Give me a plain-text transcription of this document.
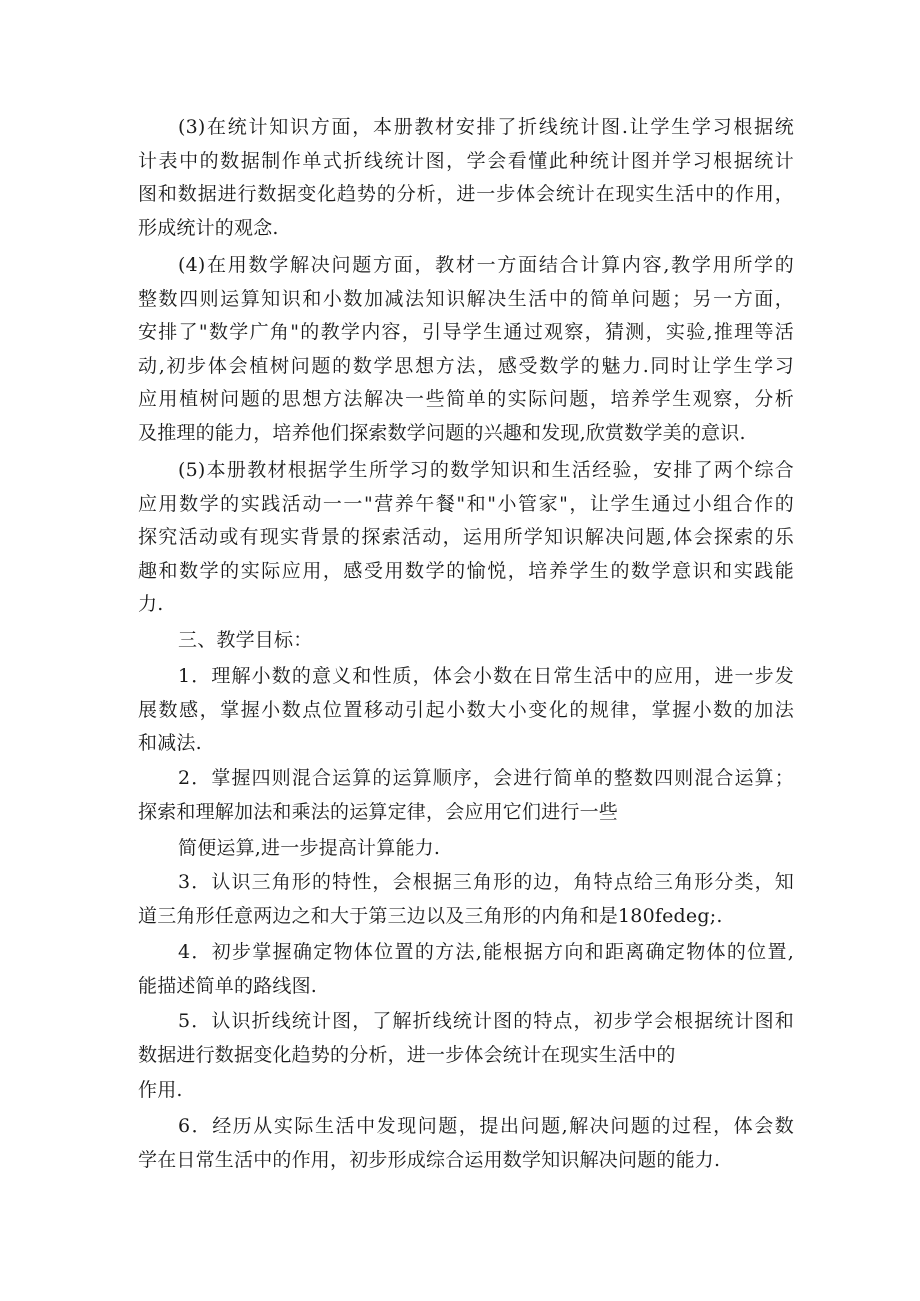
(3)在统计知识方面，本册教材安排了折线统计图.让学生学习根据统
计表中的数据制作单式折线统计图，学会看懂此种统计图并学习根据统计
图和数据进行数据变化趋势的分析，进一步体会统计在现实生活中的作用，
形成统计的观念.
(4)在用数学解决问题方面，教材一方面结合计算内容,教学用所学的
整数四则运算知识和小数加减法知识解决生活中的简单问题；另一方面，
安排了"数学广角"的教学内容，引导学生通过观察，猜测，实验,推理等活
动,初步体会植树问题的数学思想方法，感受数学的魅力.同时让学生学习
应用植树问题的思想方法解决一些简单的实际问题，培养学生观察，分析
及推理的能力，培养他们探索数学问题的兴趣和发现,欣赏数学美的意识.
(5)本册教材根据学生所学习的数学知识和生活经验，安排了两个综合
应用数学的实践活动一一"营养午餐"和"小管家"，让学生通过小组合作的
探究活动或有现实背景的探索活动，运用所学知识解决问题,体会探索的乐
趣和数学的实际应用，感受用数学的愉悦，培养学生的数学意识和实践能
力.
三、教学目标：
1．理解小数的意义和性质，体会小数在日常生活中的应用，进一步发
展数感，掌握小数点位置移动引起小数大小变化的规律，掌握小数的加法
和减法.
2．掌握四则混合运算的运算顺序，会进行简单的整数四则混合运算；
探索和理解加法和乘法的运算定律，会应用它们进行一些
简便运算,进一步提高计算能力.
3．认识三角形的特性，会根据三角形的边，角特点给三角形分类，知
道三角形任意两边之和大于第三边以及三角形的内角和是180fedeg;.
4．初步掌握确定物体位置的方法,能根据方向和距离确定物体的位置,
能描述简单的路线图.
5．认识折线统计图，了解折线统计图的特点，初步学会根据统计图和
数据进行数据变化趋势的分析，进一步体会统计在现实生活中的
作用.
6．经历从实际生活中发现问题，提出问题,解决问题的过程，体会数
学在日常生活中的作用，初步形成综合运用数学知识解决问题的能力.
